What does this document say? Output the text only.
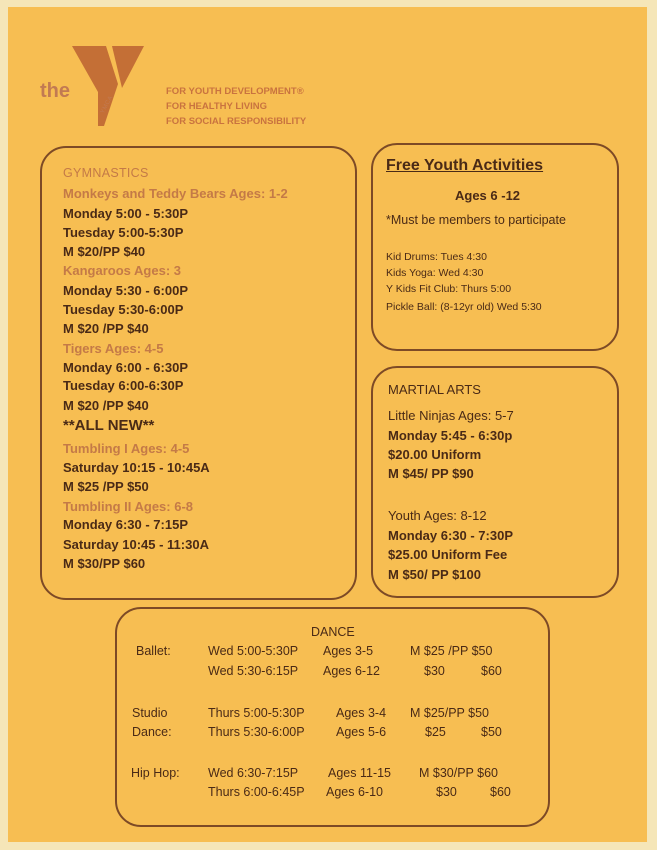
the
YMCA
FOR YOUTH DEVELOPMENT®
FOR HEALTHY LIVING
FOR SOCIAL RESPONSIBILITY
GYMNASTICS
Monkeys and Teddy Bears Ages: 1-2
Monday 5:00 - 5:30P
Tuesday 5:00-5:30P
M $20/PP $40
Kangaroos Ages: 3
Monday 5:30 - 6:00P
Tuesday 5:30-6:00P
M $20 /PP $40
Tigers Ages: 4-5
Monday 6:00 - 6:30P
Tuesday 6:00-6:30P
M $20 /PP $40
**ALL NEW**
Tumbling I Ages: 4-5
Saturday 10:15 - 10:45A
M $25 /PP $50
Tumbling II Ages: 6-8
Monday 6:30 - 7:15P
Saturday 10:45 - 11:30A
M $30/PP $60
Free Youth Activities
Ages 6 -12
*Must be members to participate
Kid Drums: Tues 4:30
Kids Yoga: Wed 4:30
Y Kids Fit Club: Thurs 5:00
Pickle Ball: (8-12yr old) Wed 5:30
MARTIAL ARTS
Little Ninjas Ages: 5-7
Monday 5:45 - 6:30p
$20.00 Uniform
M $45/ PP $90
Youth Ages: 8-12
Monday 6:30 - 7:30P
$25.00 Uniform Fee
M $50/ PP $100
DANCE
Ballet:	Wed 5:00-5:30P Ages 3-5	M $25 /PP $50
Wed 5:30-6:15P Ages 6-12	$30	$60
Studio	Thurs 5:00-5:30P	Ages 3-4 M $25/PP $50
Dance:	Thurs 5:30-6:00P	Ages 5-6	$25	$50
Hip Hop: Wed 6:30-7:15P Ages 11-15 M $30/PP $60
Thurs 6:00-6:45P Ages 6-10	$30	$60
